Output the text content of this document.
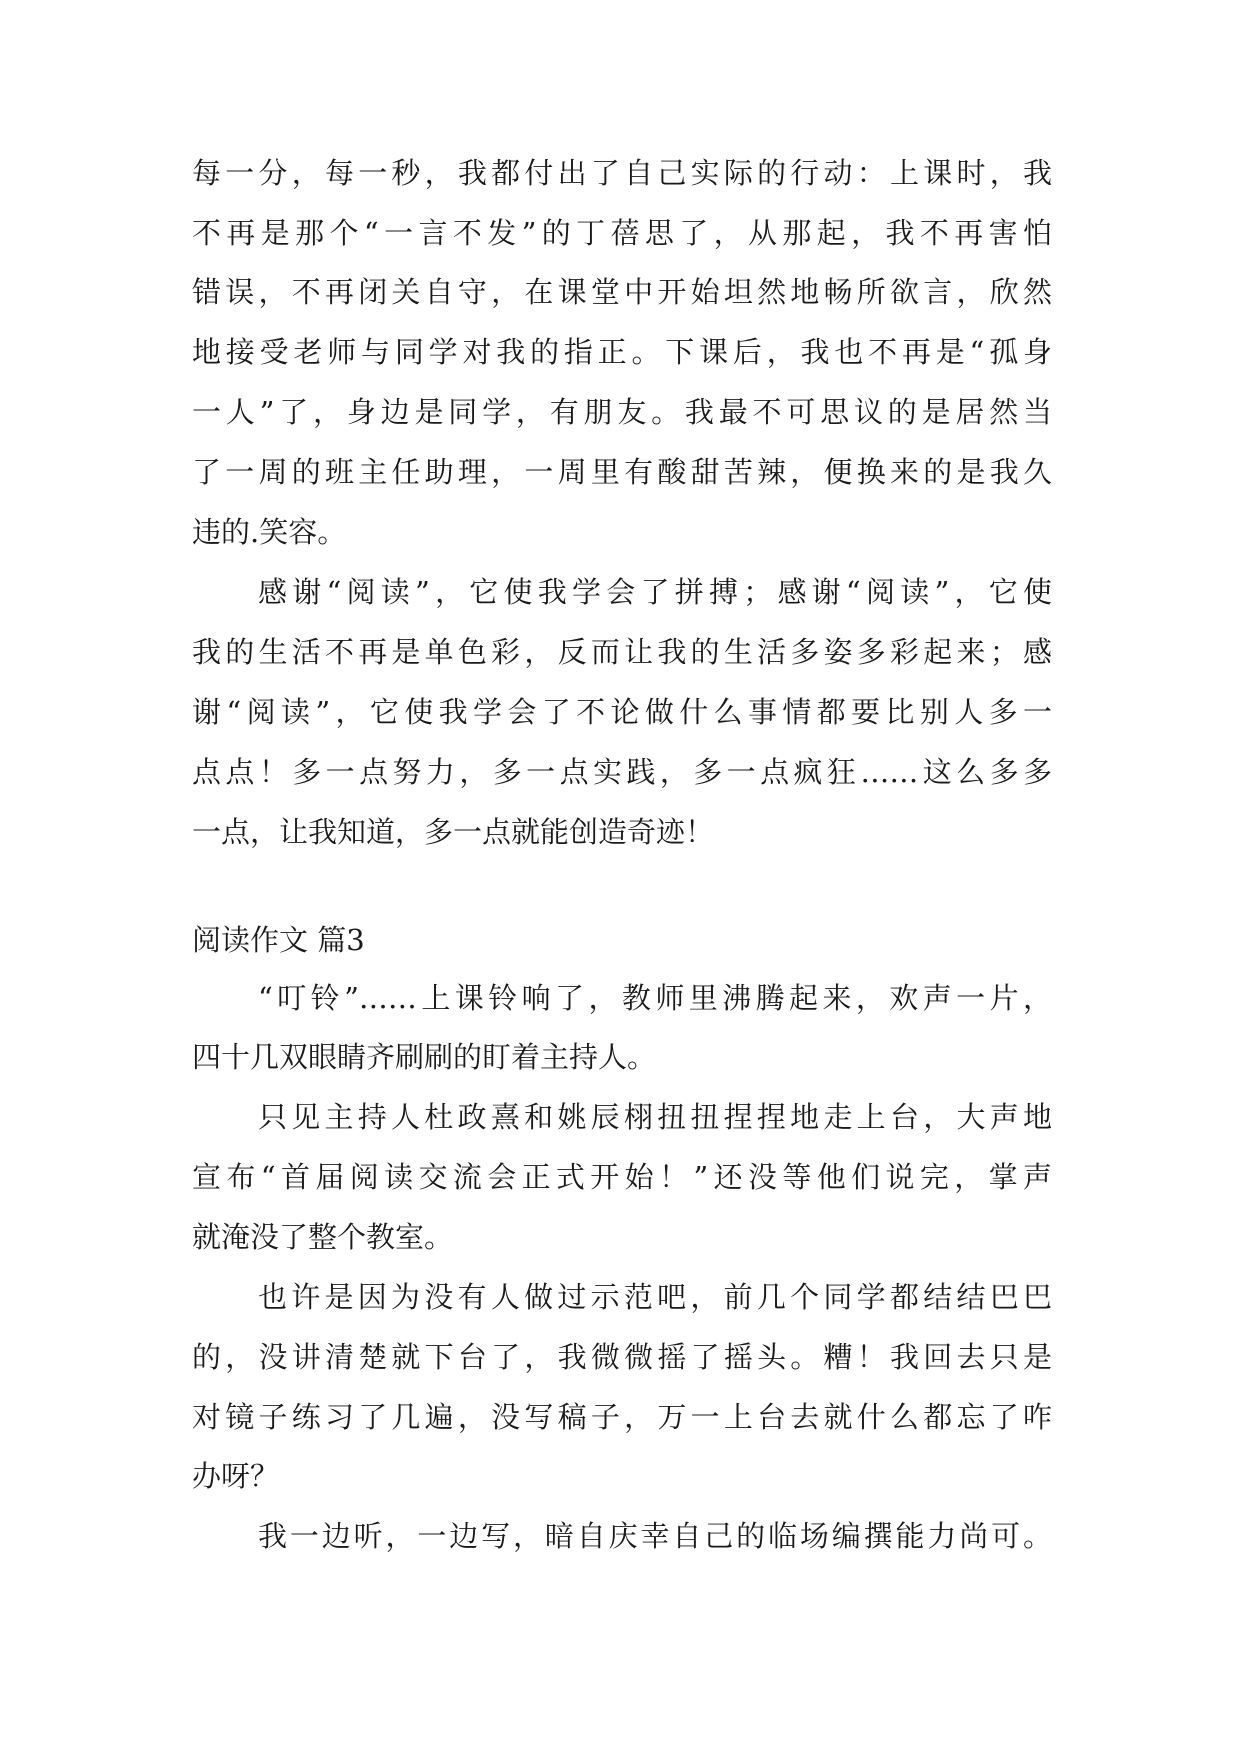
每一分，每一秒，我都付出了自己实际的行动：上课时，我
不再是那个“一言不发”的丁蓓思了，从那起，我不再害怕
错误，不再闭关自守，在课堂中开始坦然地畅所欲言，欣然
地接受老师与同学对我的指正。下课后，我也不再是“孤身
一人”了，身边是同学，有朋友。我最不可思议的是居然当
了一周的班主任助理，一周里有酸甜苦辣，便换来的是我久
违的.笑容。
感谢“阅读”，它使我学会了拼搏；感谢“阅读”，它使
我的生活不再是单色彩，反而让我的生活多姿多彩起来；感
谢“阅读”，它使我学会了不论做什么事情都要比别人多一
点点！多一点努力，多一点实践，多一点疯狂……这么多多
一点，让我知道，多一点就能创造奇迹！
阅读作文 篇3
“叮铃”……上课铃响了，教师里沸腾起来，欢声一片，
四十几双眼睛齐刷刷的盯着主持人。
只见主持人杜政熹和姚辰栩扭扭捏捏地走上台，大声地
宣布“首届阅读交流会正式开始！”还没等他们说完，掌声
就淹没了整个教室。
也许是因为没有人做过示范吧，前几个同学都结结巴巴
的，没讲清楚就下台了，我微微摇了摇头。糟！我回去只是
对镜子练习了几遍，没写稿子，万一上台去就什么都忘了咋
办呀？
我一边听，一边写，暗自庆幸自己的临场编撰能力尚可。
